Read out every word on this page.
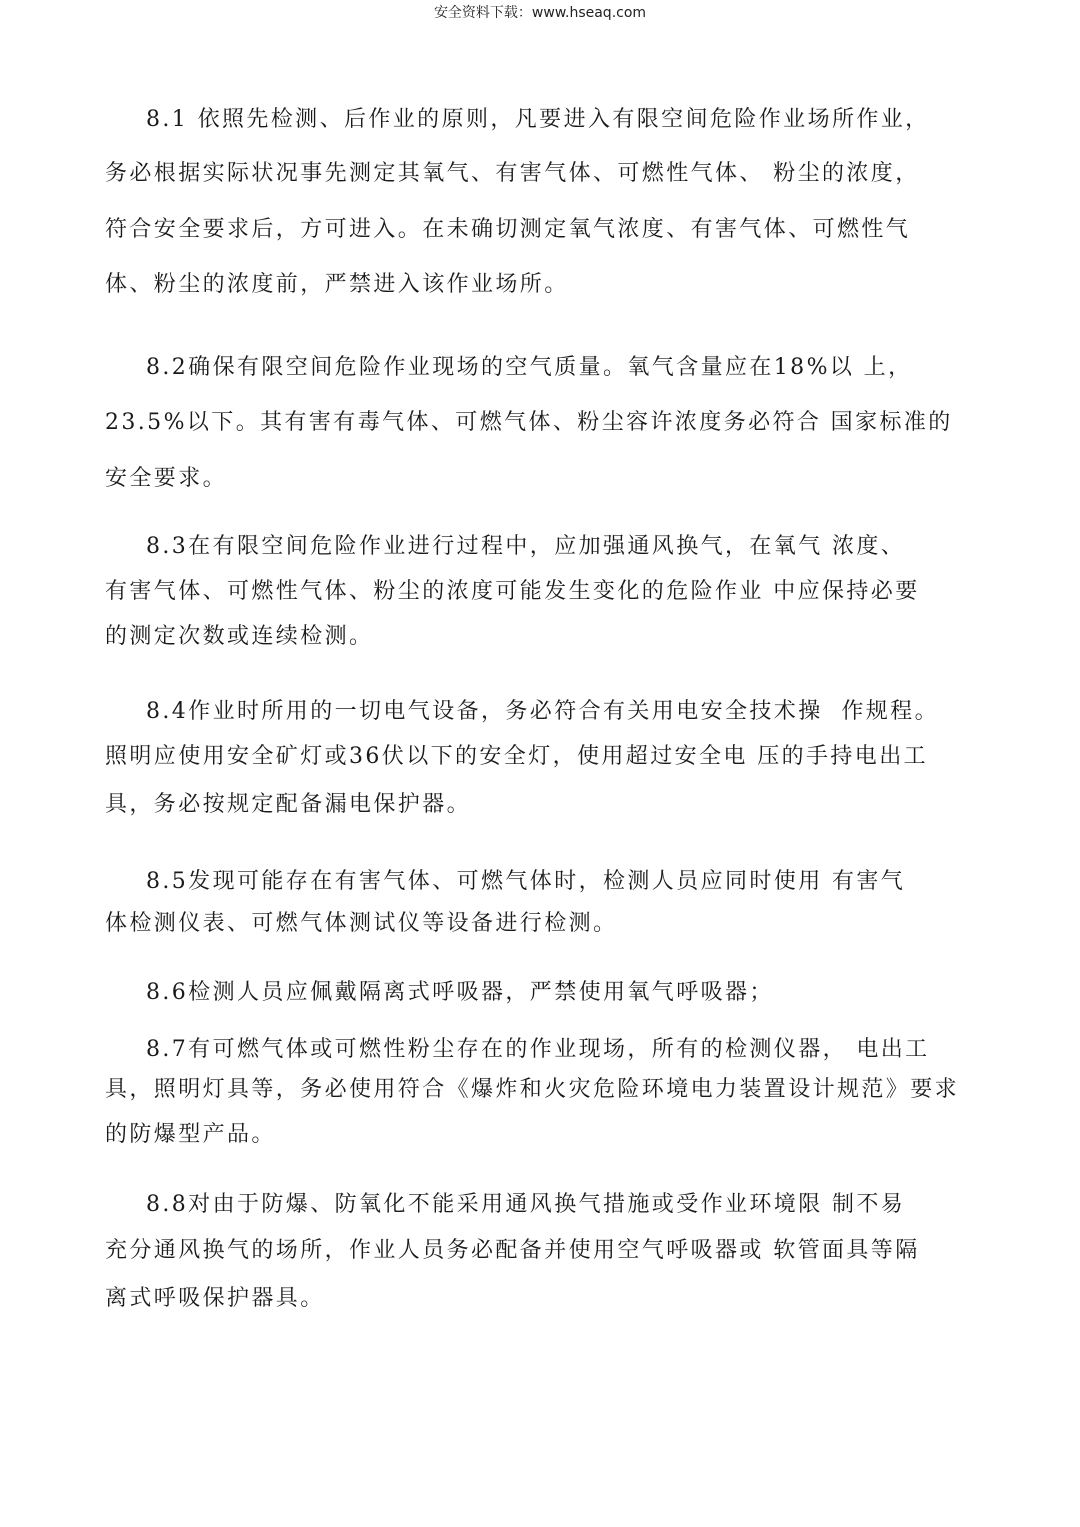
安全资料下载：www.hseaq.com
8.1 依照先检测、后作业的原则，凡要进入有限空间危险作业场所作业，
务必根据实际状况事先测定其氧气、有害气体、可燃性气体、 粉尘的浓度，
符合安全要求后，方可进入。在未确切测定氧气浓度、有害气体、可燃性气
体、粉尘的浓度前，严禁进入该作业场所。
8.2确保有限空间危险作业现场的空气质量。氧气含量应在18%以 上，
23.5%以下。其有害有毒气体、可燃气体、粉尘容许浓度务必符合 国家标准的
安全要求。
8.3在有限空间危险作业进行过程中，应加强通风换气，在氧气 浓度、
有害气体、可燃性气体、粉尘的浓度可能发生变化的危险作业 中应保持必要
的测定次数或连续检测。
8.4作业时所用的一切电气设备，务必符合有关用电安全技术操  作规程。
照明应使用安全矿灯或36伏以下的安全灯，使用超过安全电 压的手持电出工
具，务必按规定配备漏电保护器。
8.5发现可能存在有害气体、可燃气体时，检测人员应同时使用 有害气
体检测仪表、可燃气体测试仪等设备进行检测。
8.6检测人员应佩戴隔离式呼吸器，严禁使用氧气呼吸器；
8.7有可燃气体或可燃性粉尘存在的作业现场，所有的检测仪器， 电出工
具，照明灯具等，务必使用符合《爆炸和火灾危险环境电力装置设计规范》要求
的防爆型产品。
8.8对由于防爆、防氧化不能采用通风换气措施或受作业环境限 制不易
充分通风换气的场所，作业人员务必配备并使用空气呼吸器或 软管面具等隔
离式呼吸保护器具。
